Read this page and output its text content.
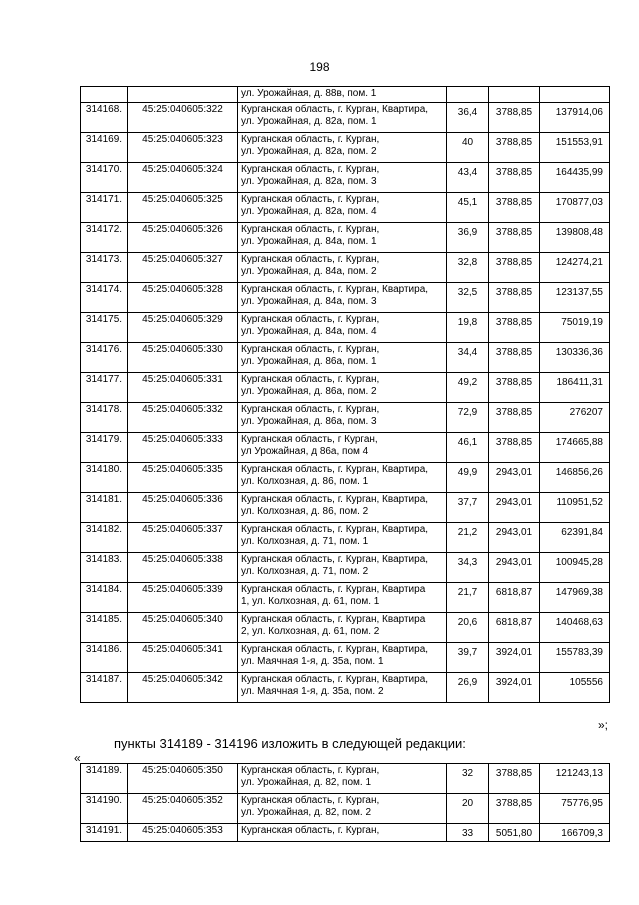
198

		ул. Урожайная, д. 88в, пом. 1			

314168.	45:25:040605:322	Курганская область, г. Курган, Квартира,
ул. Урожайная, д. 82а, пом. 1	36,4	3788,85	137914,06

314169.	45:25:040605:323	Курганская область, г. Курган,
ул. Урожайная, д. 82а, пом. 2	40	3788,85	151553,91

314170.	45:25:040605:324	Курганская область, г. Курган,
ул. Урожайная, д. 82а, пом. 3	43,4	3788,85	164435,99

314171.	45:25:040605:325	Курганская область, г. Курган,
ул. Урожайная, д. 82а, пом. 4	45,1	3788,85	170877,03

314172.	45:25:040605:326	Курганская область, г. Курган,
ул. Урожайная, д. 84а, пом. 1	36,9	3788,85	139808,48

314173.	45:25:040605:327	Курганская область, г. Курган,
ул. Урожайная, д. 84а, пом. 2	32,8	3788,85	124274,21

314174.	45:25:040605:328	Курганская область, г. Курган, Квартира,
ул. Урожайная, д. 84а, пом. 3	32,5	3788,85	123137,55

314175.	45:25:040605:329	Курганская область, г. Курган,
ул. Урожайная, д. 84а, пом. 4	19,8	3788,85	75019,19

314176.	45:25:040605:330	Курганская область, г. Курган,
ул. Урожайная, д. 86а, пом. 1	34,4	3788,85	130336,36

314177.	45:25:040605:331	Курганская область, г. Курган,
ул. Урожайная, д. 86а, пом. 2	49,2	3788,85	186411,31

314178.	45:25:040605:332	Курганская область, г. Курган,
ул. Урожайная, д. 86а, пом. 3	72,9	3788,85	276207

314179.	45:25:040605:333	Курганская область, г Курган,
ул Урожайная, д 86а, пом 4	46,1	3788,85	174665,88

314180.	45:25:040605:335	Курганская область, г. Курган, Квартира,
ул. Колхозная, д. 86, пом. 1	49,9	2943,01	146856,26

314181.	45:25:040605:336	Курганская область, г. Курган, Квартира,
ул. Колхозная, д. 86, пом. 2	37,7	2943,01	110951,52

314182.	45:25:040605:337	Курганская область, г. Курган, Квартира,
ул. Колхозная, д. 71, пом. 1	21,2	2943,01	62391,84

314183.	45:25:040605:338	Курганская область, г. Курган, Квартира,
ул. Колхозная, д. 71, пом. 2	34,3	2943,01	100945,28

314184.	45:25:040605:339	Курганская область, г. Курган, Квартира
1, ул. Колхозная, д. 61, пом. 1	21,7	6818,87	147969,38

314185.	45:25:040605:340	Курганская область, г. Курган, Квартира
2, ул. Колхозная, д. 61, пом. 2	20,6	6818,87	140468,63

314186.	45:25:040605:341	Курганская область, г. Курган, Квартира,
ул. Маячная 1-я, д. 35а, пом. 1	39,7	3924,01	155783,39

314187.	45:25:040605:342	Курганская область, г. Курган, Квартира,
ул. Маячная 1-я, д. 35а, пом. 2	26,9	3924,01	105556
»;
пункты 314189 - 314196 изложить в следующей редакции:
«
314189.	45:25:040605:350	Курганская область, г. Курган,
ул. Урожайная, д. 82, пом. 1	32	3788,85	121243,13

314190.	45:25:040605:352	Курганская область, г. Курган,
ул. Урожайная, д. 82, пом. 2	20	3788,85	75776,95

314191.	45:25:040605:353	Курганская область, г. Курган,	33	5051,80	166709,3
